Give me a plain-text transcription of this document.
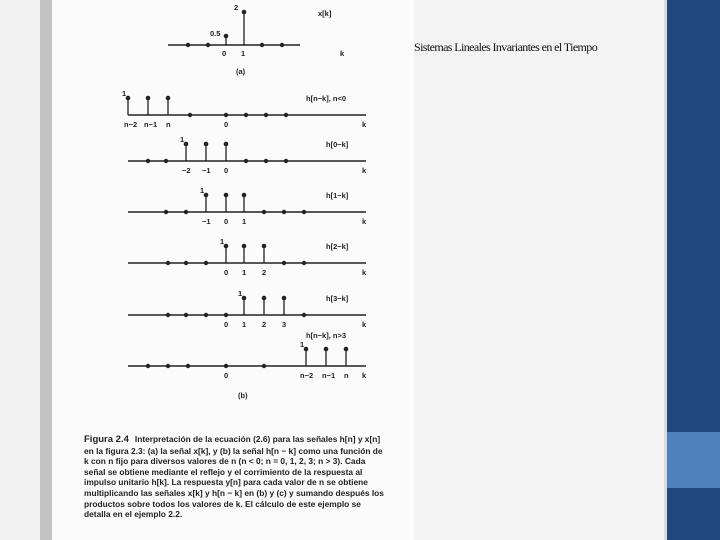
Sistemas Lineales Invariantes en el Tiempo
x[k]
2
0.5
0 1	k
(a)
1
h[n−k], n<0
n−2 n−1 n	0	k
1
h[0−k]
−2 −1 0	k
1
h[1−k]
−1 0 1	k
1
h[2−k]
0 1 2	k
1
h[3−k]
0 1 2 3	k
1
h[n−k], n>3
0	n−2 n−1 n k
(b)
Figura 2.4 Interpretación de la ecuación (2.6) para las señales h[n] y x[n] en la figura 2.3: (a) la señal x[k], y (b) la señal h[n − k] como una función de k con n fijo para diversos valores de n (n < 0; n = 0, 1, 2, 3; n > 3). Cada señal se obtiene mediante el reflejo y el corrimiento de la respuesta al impulso unitario h[k]. La respuesta y[n] para cada valor de n se obtiene multiplicando las señales x[k] y h[n − k] en (b) y (c) y sumando después los productos sobre todos los valores de k. El cálculo de este ejemplo se detalla en el ejemplo 2.2.
